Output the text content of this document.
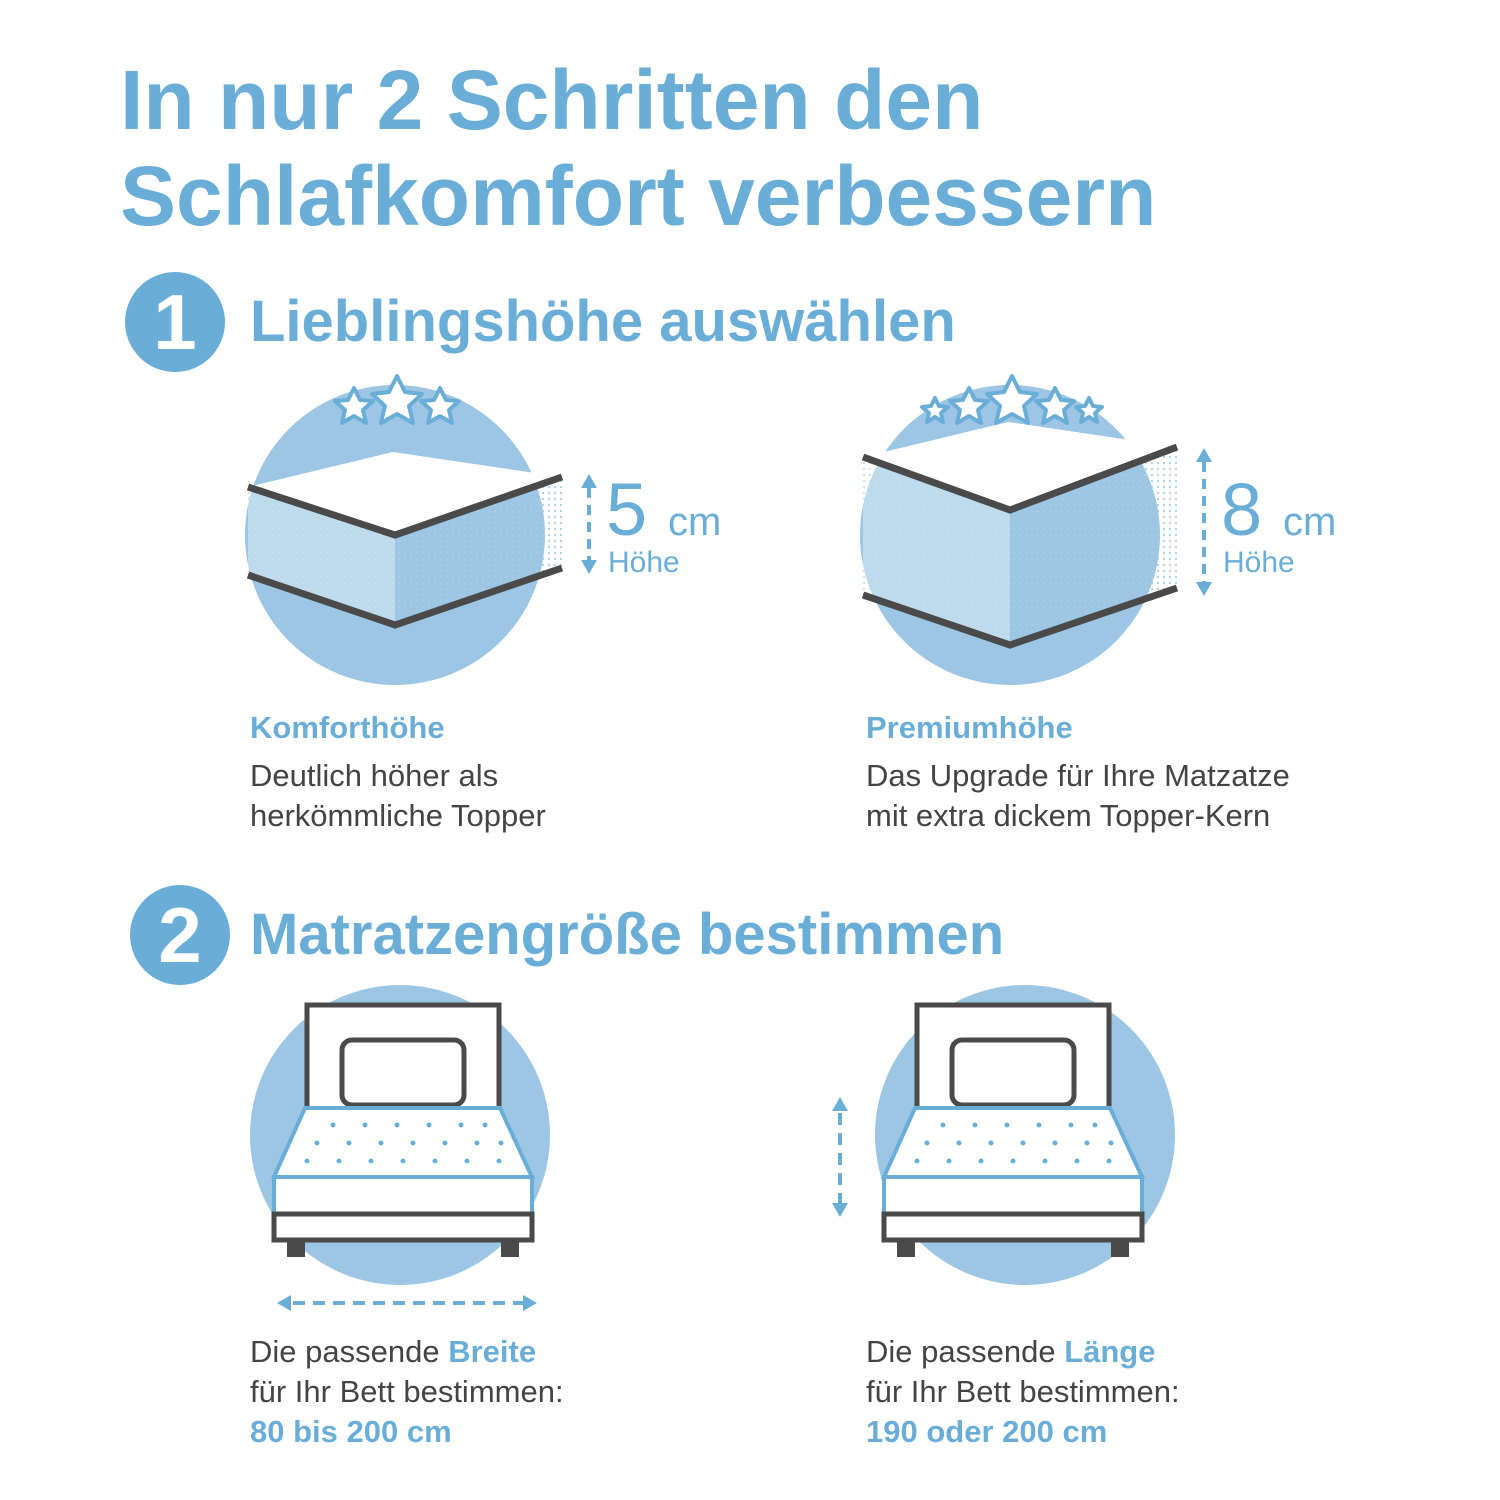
In nur 2 Schritten den
Schlafkomfort verbessern
1 Lieblingshöhe auswählen
5 cm
Höhe
Komforthöhe
Deutlich höher als
herkömmliche Topper
8 cm
Höhe
Premiumhöhe
Das Upgrade für Ihre Matzatze
mit extra dickem Topper-Kern
2 Matratzengröße bestimmen
Die passende Breite
für Ihr Bett bestimmen:
80 bis 200 cm
Die passende Länge
für Ihr Bett bestimmen:
190 oder 200 cm
